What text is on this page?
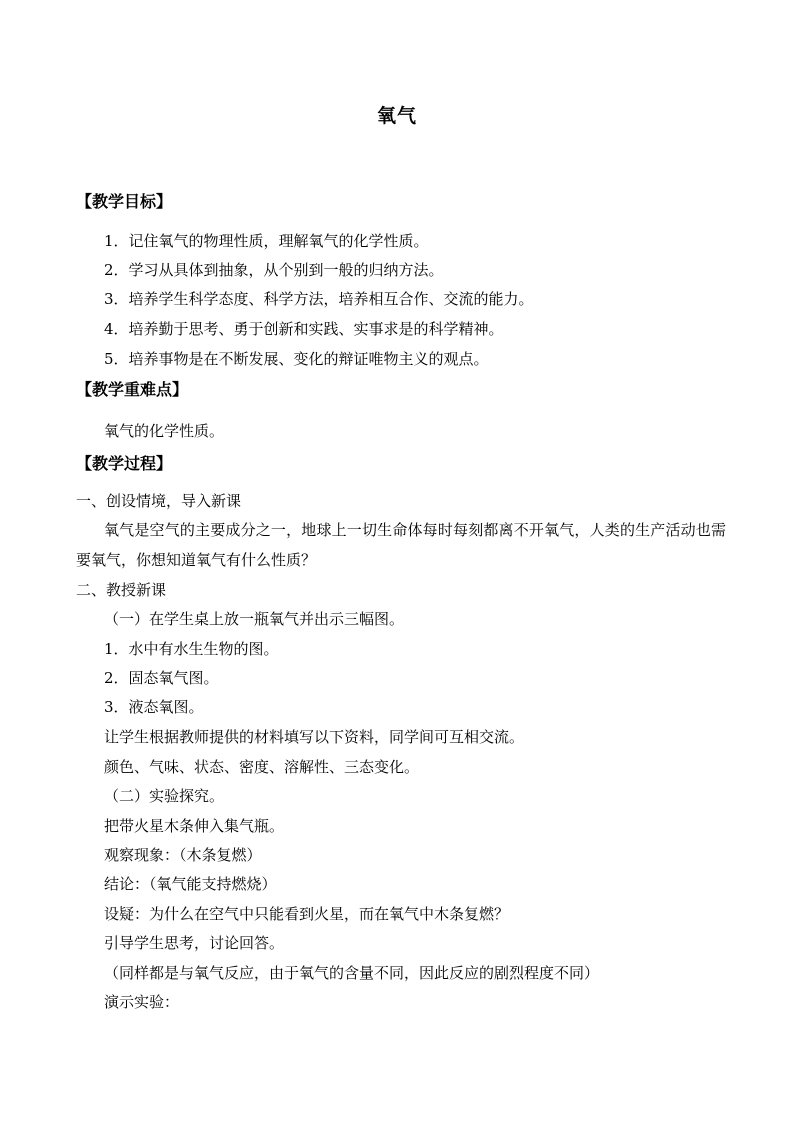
氧气
【教学目标】
1．记住氧气的物理性质，理解氧气的化学性质。
2．学习从具体到抽象，从个别到一般的归纳方法。
3．培养学生科学态度、科学方法，培养相互合作、交流的能力。
4．培养勤于思考、勇于创新和实践、实事求是的科学精神。
5．培养事物是在不断发展、变化的辩证唯物主义的观点。
【教学重难点】
氧气的化学性质。
【教学过程】
一、创设情境，导入新课
氧气是空气的主要成分之一，地球上一切生命体每时每刻都离不开氧气，人类的生产活动也需要氧气，你想知道氧气有什么性质？
二、教授新课
（一）在学生桌上放一瓶氧气并出示三幅图。
1．水中有水生生物的图。
2．固态氧气图。
3．液态氧图。
让学生根据教师提供的材料填写以下资料，同学间可互相交流。
颜色、气味、状态、密度、溶解性、三态变化。
（二）实验探究。
把带火星木条伸入集气瓶。
观察现象：（木条复燃）
结论：（氧气能支持燃烧）
设疑：为什么在空气中只能看到火星，而在氧气中木条复燃？
引导学生思考，讨论回答。
（同样都是与氧气反应，由于氧气的含量不同，因此反应的剧烈程度不同）
演示实验：
